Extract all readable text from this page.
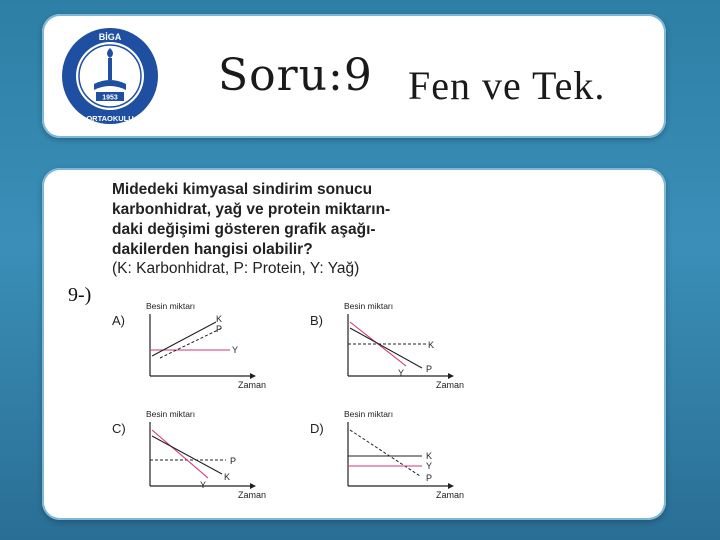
1953
BİGA
ORTAOKULU
Soru:9 Fen ve Tek.
9-)
Midedeki kimyasal sindirim sonucu
karbonhidrat, yağ ve protein miktarın-
daki değişimi gösteren grafik aşağı-
dakilerden hangisi olabilir?
(K: Karbonhidrat, P: Protein, Y: Yağ)
A)
Besin miktarı
K
P
Y
Zaman
B)
Besin miktarı
K
Y P
Zaman
C)
Besin miktarı
P
K
Y
Zaman
D)
Besin miktarı
K
Y
P
Zaman
